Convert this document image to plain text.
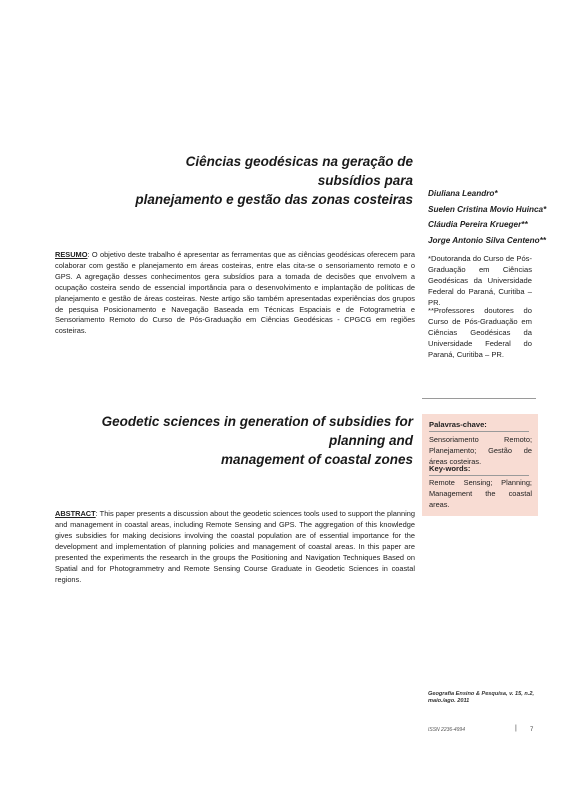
Ciências geodésicas na geração de subsídios para
planejamento e gestão das zonas costeiras Diuliana Leandro*
Suelen Cristina Movio Huinca*
Cláudia Pereira Krueger**
Jorge Antonio Silva Centeno**
*Doutoranda do Curso de Pós-Graduação em Ciências Geodésicas da Universidade Federal do Paraná, Curitiba – PR.
**Professores doutores do Curso de Pós-Graduação em Ciências Geodésicas da Universidade Federal do Paraná, Curitiba – PR.
RESUMO: O objetivo deste trabalho é apresentar as ferramentas que as ciências geodésicas oferecem para colaborar com gestão e planejamento em áreas costeiras, entre elas cita-se o sensoriamento remoto e o GPS. A agregação desses conhecimentos gera subsídios para a tomada de decisões que envolvem a ocupação costeira sendo de essencial importância para o desenvolvimento e implantação de políticas de planejamento e gestão de áreas costeiras. Neste artigo são também apresentadas experiências dos grupos de pesquisa Posicionamento e Navegação Baseada em Técnicas Espaciais e de Fotogrametria e Sensoriamento Remoto do Curso de Pós-Graduação em Ciências Geodésicas - CPGCG em regiões costeiras.
Geodetic sciences in generation of subsidies for planning and
management of coastal zones
Palavras-chave:
Sensoriamento Remoto; Planejamento; Gestão de áreas costeiras.
Key-words:
Remote Sensing; Planning; Management the coastal areas.
ABSTRACT: This paper presents a discussion about the geodetic sciences tools used to support the planning and management in coastal areas, including Remote Sensing and GPS. The aggregation of this knowledge gives subsidies for making decisions involving the coastal population are of essential importance for the development and implementation of planning policies and management of coastal areas. In this paper are presented the experiments the research in the groups the Positioning and Navigation Techniques Based on Spatial and for Photogrammetry and Remote Sensing Course Graduate in Geodetic Sciences in coastal regions.
Geografia Ensino & Pesquisa, v. 15, n.2,
maio./ago. 2011
ISSN 2236-4994	| 7
